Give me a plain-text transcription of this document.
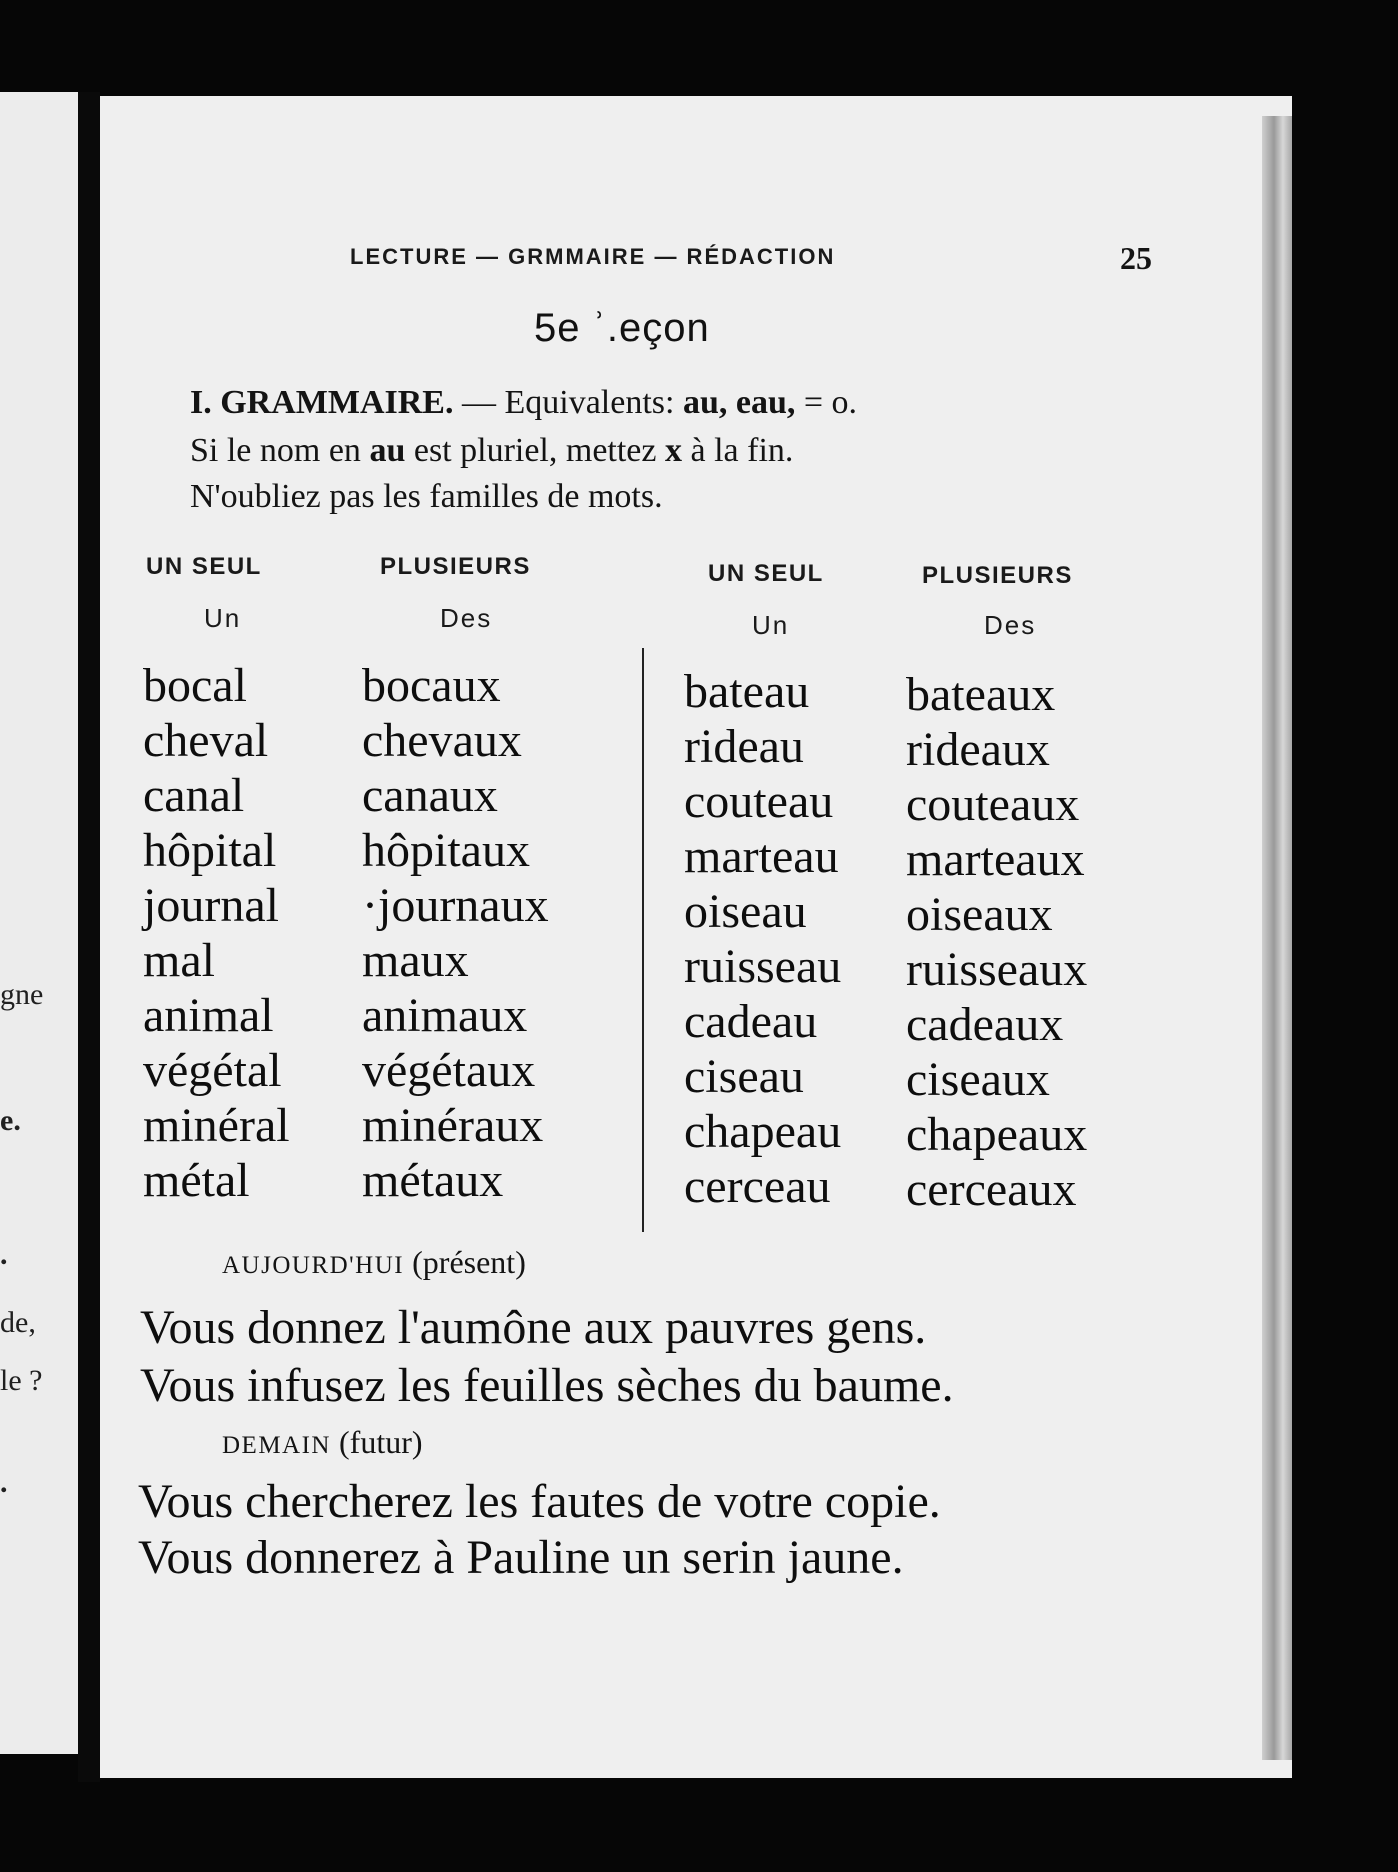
gne
e.
.
de,
le ?
.
LECTURE — GRMMAIRE — RÉDACTION	25
5e ʾ.eçon
I. GRAMMAIRE. — Equivalents: au, eau, = o.
Si le nom en au est pluriel, mettez x à la fin.
N'oubliez pas les familles de mots.
UN SEUL
Un
PLUSIEURS
Des
UN SEUL
Un
PLUSIEURS
Des
bocal
cheval
canal
hôpital
journal
mal
animal
végétal
minéral
métal
bocaux
chevaux
canaux
hôpitaux
·journaux
maux
animaux
végétaux
minéraux
métaux
bateau
rideau
couteau
marteau
oiseau
ruisseau
cadeau
ciseau
chapeau
cerceau
bateaux
rideaux
couteaux
marteaux
oiseaux
ruisseaux
cadeaux
ciseaux
chapeaux
cerceaux
AUJOURD'HUI (présent)
Vous donnez l'aumône aux pauvres gens.
Vous infusez les feuilles sèches du baume.
DEMAIN (futur)
Vous chercherez les fautes de votre copie.
Vous donnerez à Pauline un serin jaune.
